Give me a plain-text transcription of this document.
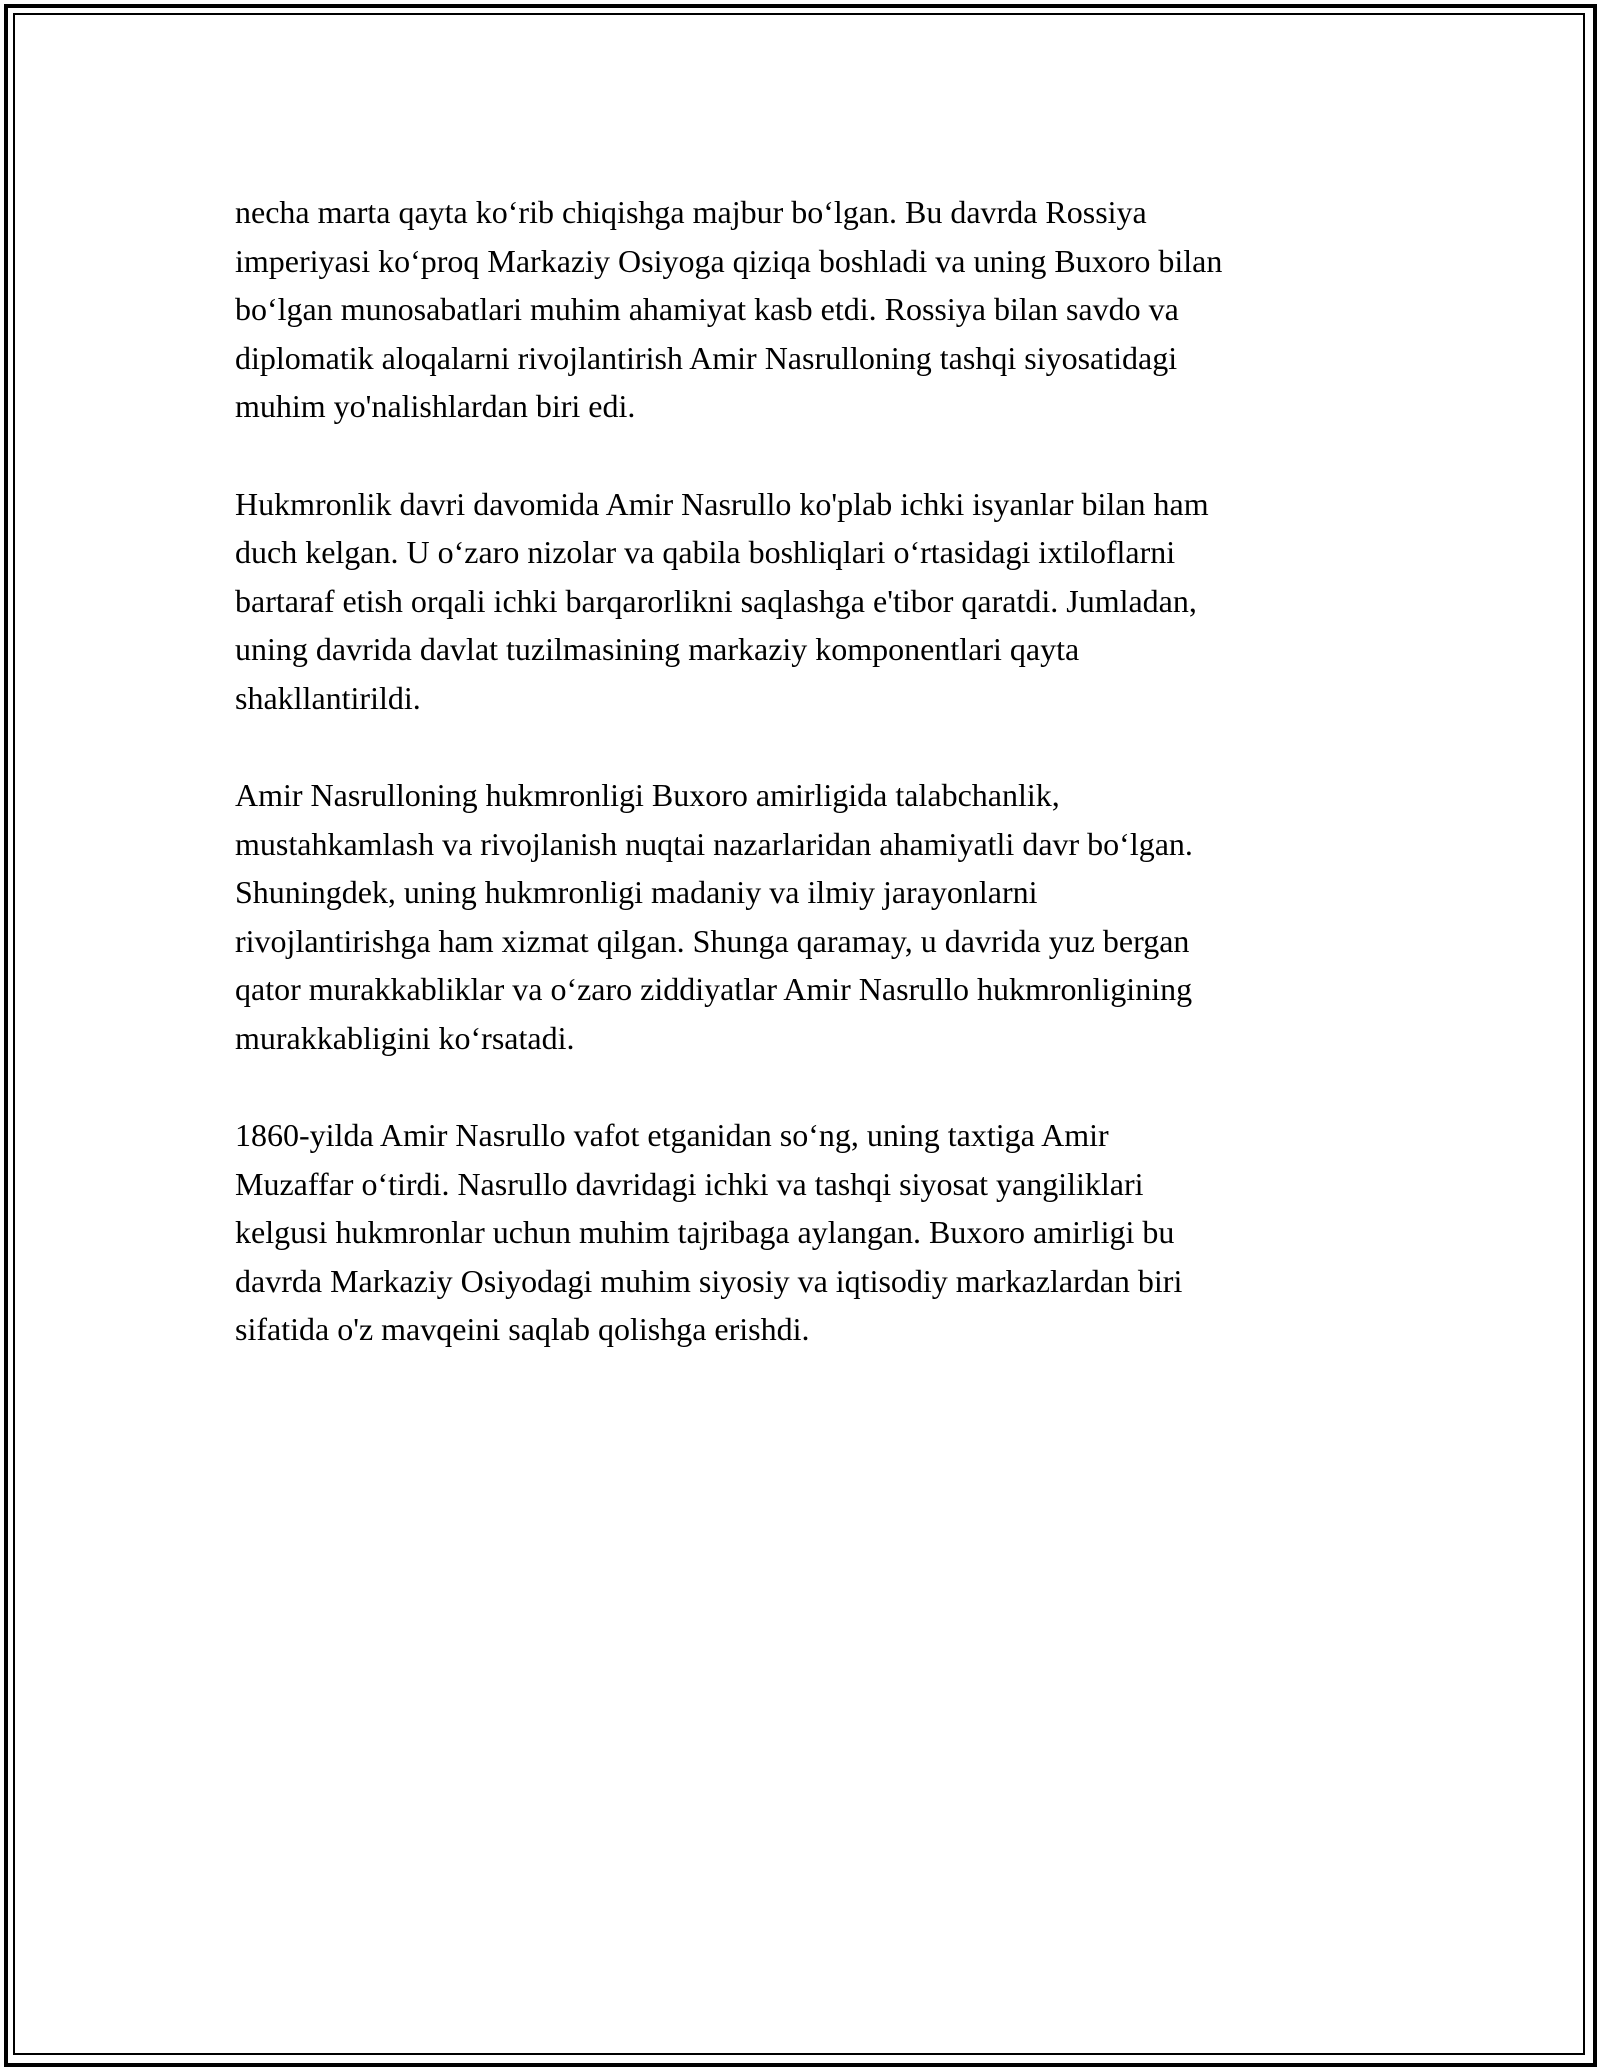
necha marta qayta ko‘rib chiqishga majbur bo‘lgan. Bu davrda Rossiya
imperiyasi ko‘proq Markaziy Osiyoga qiziqa boshladi va uning Buxoro bilan
bo‘lgan munosabatlari muhim ahamiyat kasb etdi. Rossiya bilan savdo va
diplomatik aloqalarni rivojlantirish Amir Nasrulloning tashqi siyosatidagi
muhim yo'nalishlardan biri edi.

Hukmronlik davri davomida Amir Nasrullo ko'plab ichki isyanlar bilan ham
duch kelgan. U o‘zaro nizolar va qabila boshliqlari o‘rtasidagi ixtiloflarni
bartaraf etish orqali ichki barqarorlikni saqlashga e'tibor qaratdi. Jumladan,
uning davrida davlat tuzilmasining markaziy komponentlari qayta
shakllantirildi.

Amir Nasrulloning hukmronligi Buxoro amirligida talabchanlik,
mustahkamlash va rivojlanish nuqtai nazarlaridan ahamiyatli davr bo‘lgan.
Shuningdek, uning hukmronligi madaniy va ilmiy jarayonlarni
rivojlantirishga ham xizmat qilgan. Shunga qaramay, u davrida yuz bergan
qator murakkabliklar va o‘zaro ziddiyatlar Amir Nasrullo hukmronligining
murakkabligini ko‘rsatadi.

1860-yilda Amir Nasrullo vafot etganidan so‘ng, uning taxtiga Amir
Muzaffar o‘tirdi. Nasrullo davridagi ichki va tashqi siyosat yangiliklari
kelgusi hukmronlar uchun muhim tajribaga aylangan. Buxoro amirligi bu
davrda Markaziy Osiyodagi muhim siyosiy va iqtisodiy markazlardan biri
sifatida o'z mavqeini saqlab qolishga erishdi.
